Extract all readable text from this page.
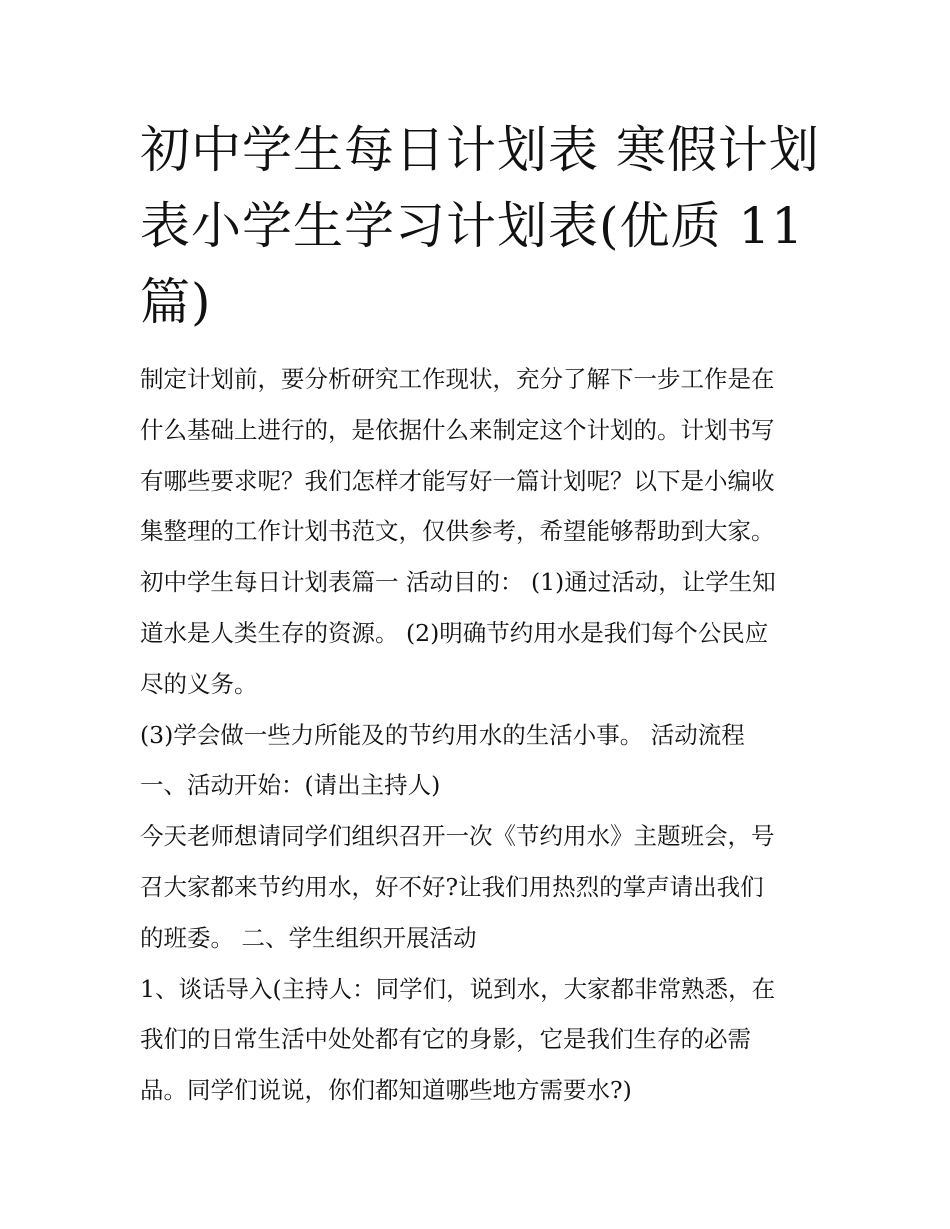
初中学生每日计划表 寒假计划
表小学生学习计划表(优质 11
篇)
制定计划前，要分析研究工作现状，充分了解下一步工作是在
什么基础上进行的，是依据什么来制定这个计划的。计划书写
有哪些要求呢？我们怎样才能写好一篇计划呢？以下是小编收
集整理的工作计划书范文，仅供参考，希望能够帮助到大家。
初中学生每日计划表篇一 活动目的： (1)通过活动，让学生知
道水是人类生存的资源。 (2)明确节约用水是我们每个公民应
尽的义务。
(3)学会做一些力所能及的节约用水的生活小事。 活动流程
一、活动开始：(请出主持人)
今天老师想请同学们组织召开一次《节约用水》主题班会，号
召大家都来节约用水，好不好?让我们用热烈的掌声请出我们
的班委。 二、学生组织开展活动
1、谈话导入(主持人：同学们，说到水，大家都非常熟悉，在
我们的日常生活中处处都有它的身影，它是我们生存的必需
品。同学们说说，你们都知道哪些地方需要水?)
